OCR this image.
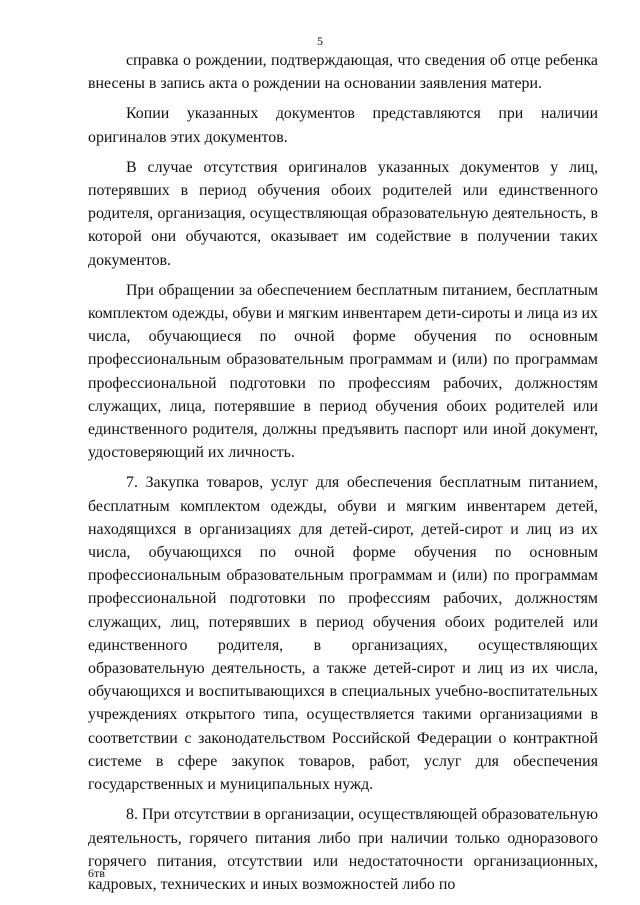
5

справка о рождении, подтверждающая, что сведения об отце ребенка внесены в запись акта о рождении на основании заявления матери.

Копии указанных документов представляются при наличии оригиналов этих документов.

В случае отсутствия оригиналов указанных документов у лиц, потерявших в период обучения обоих родителей или единственного родителя, организация, осуществляющая образовательную деятельность, в которой они обучаются, оказывает им содействие в получении таких документов.

При обращении за обеспечением бесплатным питанием, бесплатным комплектом одежды, обуви и мягким инвентарем дети-сироты и лица из их числа, обучающиеся по очной форме обучения по основным профессиональным образовательным программам и (или) по программам профессиональной подготовки по профессиям рабочих, должностям служащих, лица, потерявшие в период обучения обоих родителей или единственного родителя, должны предъявить паспорт или иной документ, удостоверяющий их личность.

7. Закупка товаров, услуг для обеспечения бесплатным питанием, бесплатным комплектом одежды, обуви и мягким инвентарем детей, находящихся в организациях для детей-сирот, детей-сирот и лиц из их числа, обучающихся по очной форме обучения по основным профессиональным образовательным программам и (или) по программам профессиональной подготовки по профессиям рабочих, должностям служащих, лиц, потерявших в период обучения обоих родителей или единственного родителя, в организациях, осуществляющих образовательную деятельность, а также детей-сирот и лиц из их числа, обучающихся и воспитывающихся в специальных учебно-воспитательных учреждениях открытого типа, осуществляется такими организациями в соответствии с законодательством Российской Федерации о контрактной системе в сфере закупок товаров, работ, услуг для обеспечения государственных и муниципальных нужд.

8. При отсутствии в организации, осуществляющей образовательную деятельность, горячего питания либо при наличии только одноразового горячего питания, отсутствии или недостаточности организационных, кадровых, технических и иных возможностей либо по

6тв
